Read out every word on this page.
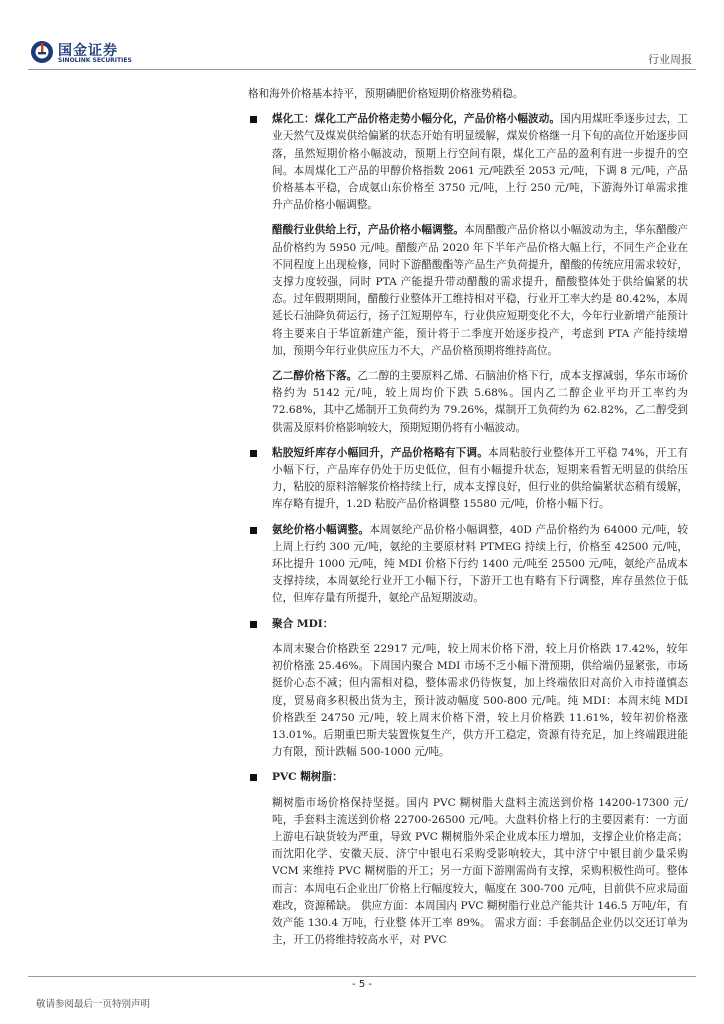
国金证券
SINOLINK SECURITIES	行业周报

格和海外价格基本持平，预期磷肥价格短期价格涨势稍稳。

煤化工：煤化工产品价格走势小幅分化，产品价格小幅波动。国内用煤旺季逐步过去，工业天然气及煤炭供给偏紧的状态开始有明显缓解，煤炭价格继一月下旬的高位开始逐步回落，虽然短期价格小幅波动，预期上行空间有限，煤化工产品的盈利有进一步提升的空间。本周煤化工产品的甲醇价格指数 2061 元/吨跌至 2053 元/吨，下调 8 元/吨，产品价格基本平稳，合成氨山东价格至 3750 元/吨，上行 250 元/吨，下游海外订单需求推升产品价格小幅调整。

醋酸行业供给上行，产品价格小幅调整。本周醋酸产品价格以小幅波动为主，华东醋酸产品价格约为 5950 元/吨。醋酸产品 2020 年下半年产品价格大幅上行，不同生产企业在不同程度上出现检修，同时下游醋酸酯等产品生产负荷提升，醋酸的传统应用需求较好，支撑力度较强，同时 PTA 产能提升带动醋酸的需求提升，醋酸整体处于供给偏紧的状态。过年假期期间，醋酸行业整体开工维持相对平稳，行业开工率大约是 80.42%，本周延长石油降负荷运行，扬子江短期停车，行业供应短期变化不大，今年行业新增产能预计将主要来自于华谊新建产能，预计将于二季度开始逐步投产，考虑到 PTA 产能持续增加，预期今年行业供应压力不大，产品价格预期将维持高位。

乙二醇价格下落。乙二醇的主要原料乙烯、石脑油价格下行，成本支撑减弱，华东市场价格约为 5142 元/吨，较上周均价下跌 5.68%。国内乙二醇企业平均开工率约为 72.68%，其中乙烯制开工负荷约为 79.26%，煤制开工负荷约为 62.82%，乙二醇受到供需及原料价格影响较大，预期短期仍将有小幅波动。

粘胶短纤库存小幅回升，产品价格略有下调。本周粘胶行业整体开工平稳 74%，开工有小幅下行，产品库存仍处于历史低位，但有小幅提升状态，短期来看暂无明显的供给压力，粘胶的原料溶解浆价格持续上行，成本支撑良好，但行业的供给偏紧状态稍有缓解，库存略有提升，1.2D 粘胶产品价格调整 15580 元/吨，价格小幅下行。

氨纶价格小幅调整。本周氨纶产品价格小幅调整，40D 产品价格约为 64000 元/吨，较上周上行约 300 元/吨，氨纶的主要原材料 PTMEG 持续上行，价格至 42500 元/吨，环比提升 1000 元/吨，纯 MDI 价格下行约 1400 元/吨至 25500 元/吨，氨纶产品成本支撑持续，本周氨纶行业开工小幅下行，下游开工也有略有下行调整，库存虽然位于低位，但库存量有所提升，氨纶产品短期波动。

聚合 MDI：

本周末聚合价格跌至 22917 元/吨，较上周末价格下滑，较上月价格跌 17.42%，较年初价格涨 25.46%。下周国内聚合 MDI 市场不乏小幅下滑预期，供给端仍显紧张，市场挺价心态不减；但内需相对稳，整体需求仍待恢复，加上终端依旧对高价入市持谨慎态度，贸易商多积极出货为主，预计波动幅度 500-800 元/吨。纯 MDI：本周末纯 MDI 价格跌至 24750 元/吨，较上周末价格下滑，较上月价格跌 11.61%，较年初价格涨 13.01%。后期重巴斯夫装置恢复生产，供方开工稳定，资源有待充足，加上终端跟进能力有限，预计跌幅 500-1000 元/吨。

PVC 糊树脂：

糊树脂市场价格保持坚挺。国内 PVC 糊树脂大盘料主流送到价格 14200-17300 元/吨，手套料主流送到价格 22700-26500 元/吨。大盘料价格上行的主要因素有：一方面上游电石缺货较为严重，导致 PVC 糊树脂外采企业成本压力增加，支撑企业价格走高；而沈阳化学、安徽天辰、济宁中银电石采购受影响较大，其中济宁中银目前少量采购 VCM 来维持 PVC 糊树脂的开工；另一方面下游刚需尚有支撑，采购积极性尚可。整体而言：本周电石企业出厂价格上行幅度较大，幅度在 300-700 元/吨，目前供不应求局面难改，资源稀缺。 供应方面：本周国内 PVC 糊树脂行业总产能共计 146.5 万吨/年，有效产能 130.4 万吨，行业整 体开工率 89%。 需求方面：手套制品企业仍以交还订单为主，开工仍将维持较高水平，对 PVC

- 5 -
敬请参阅最后一页特别声明
